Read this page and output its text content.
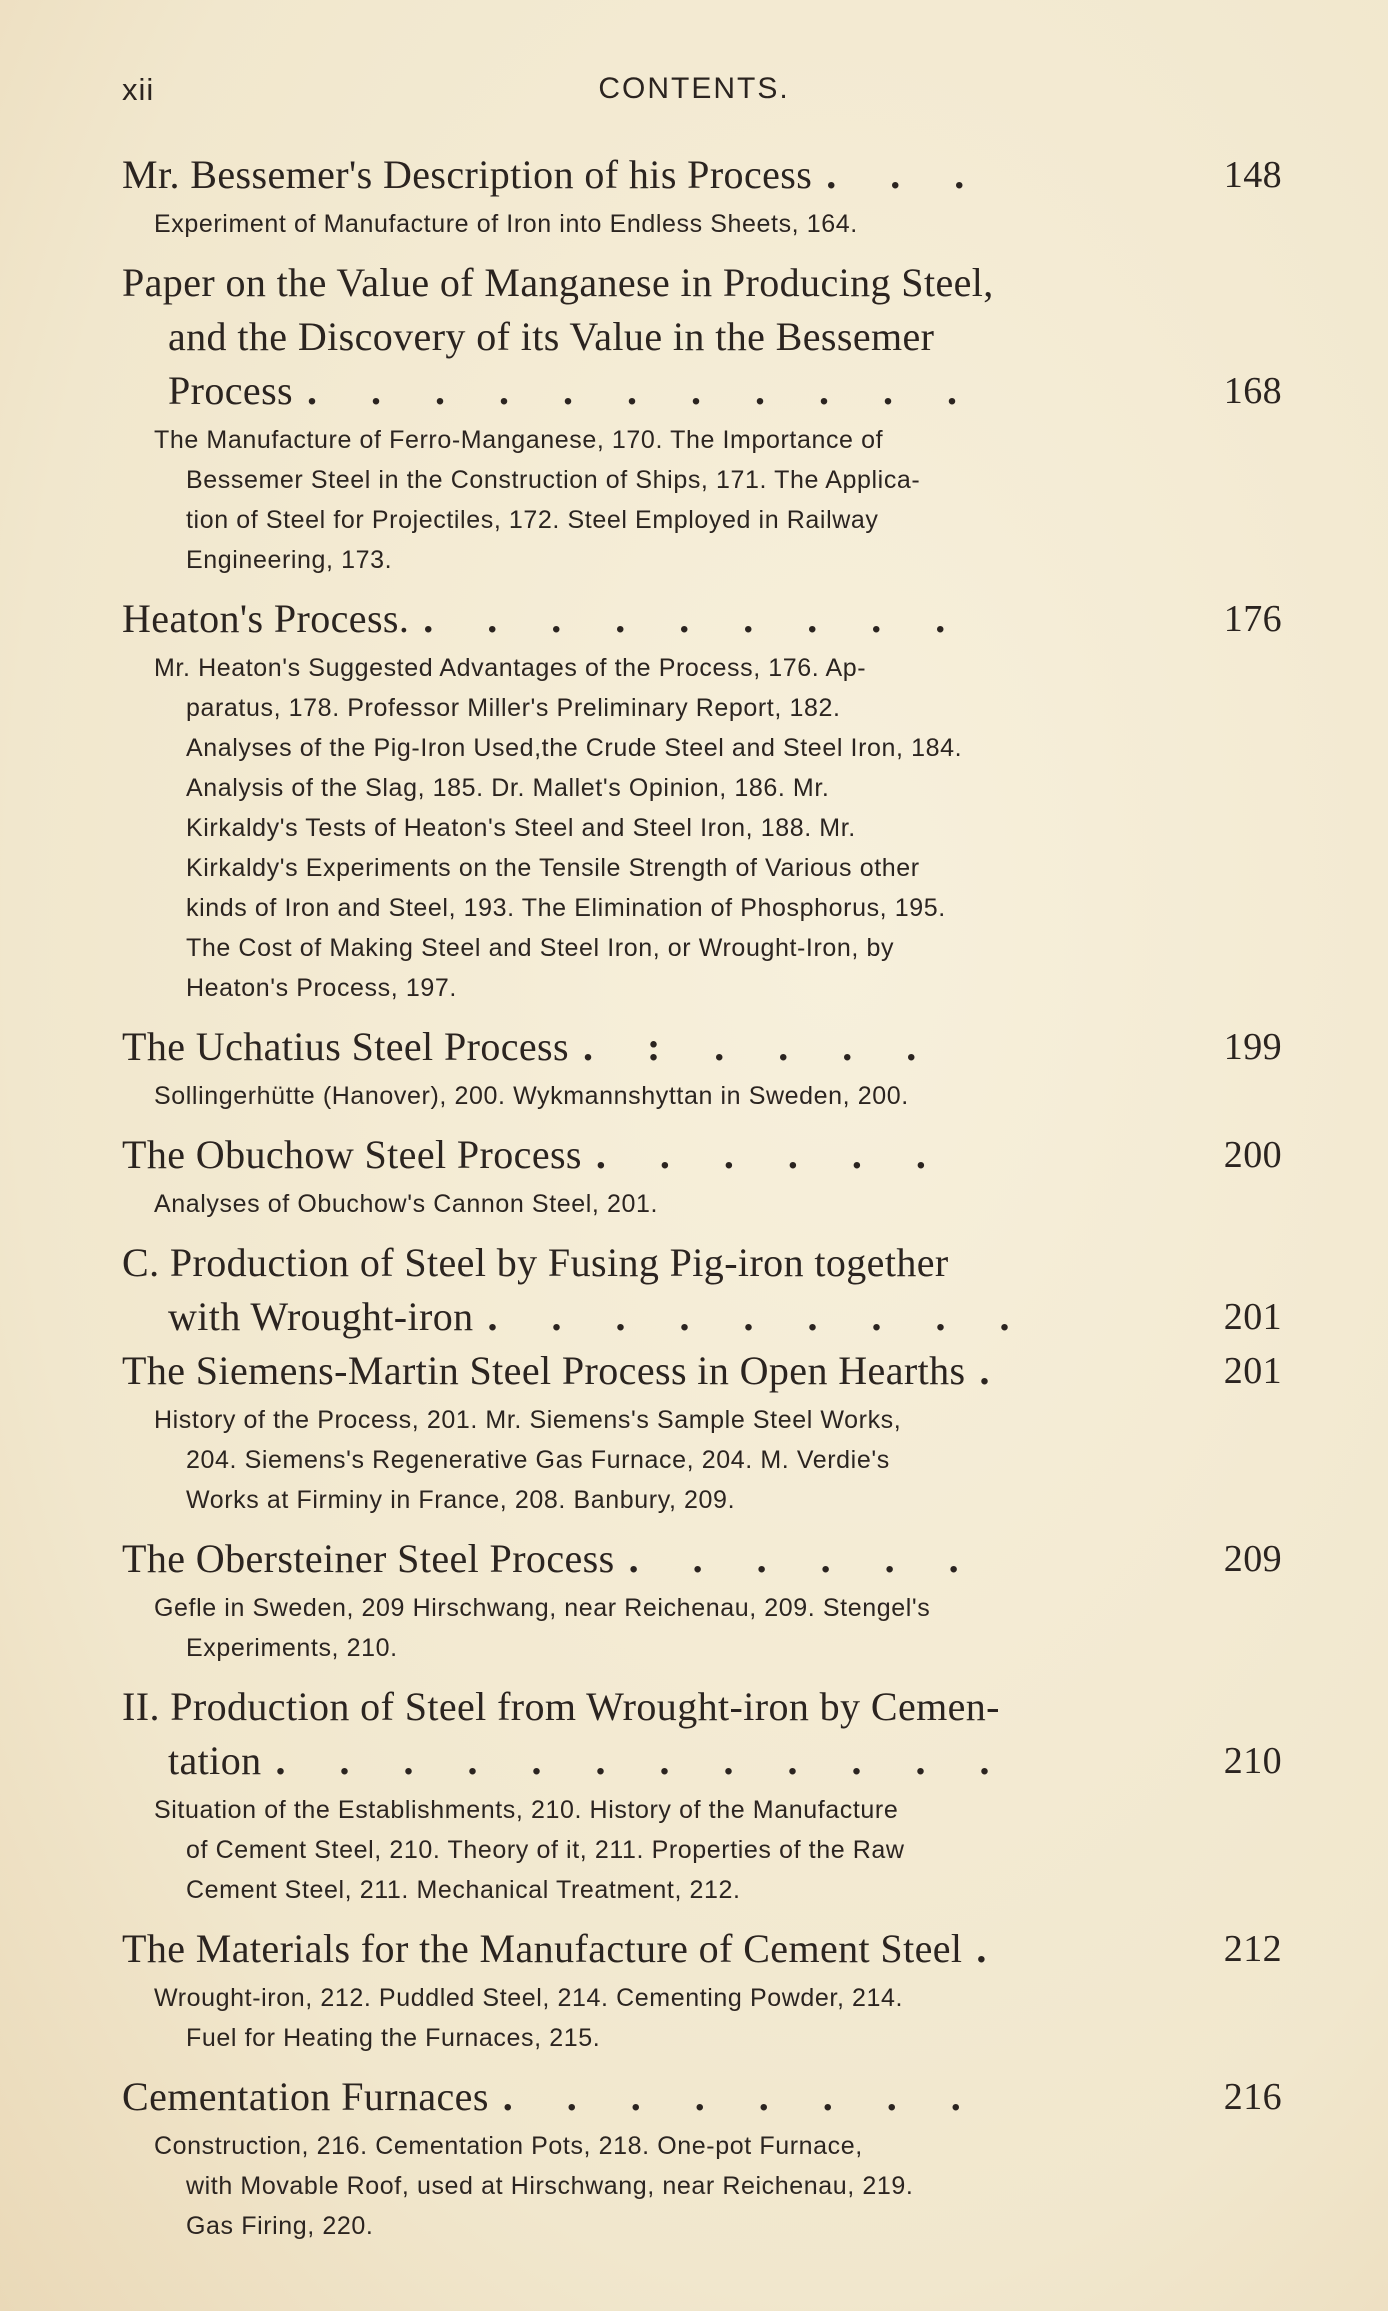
xii	CONTENTS.
Mr. Bessemer's Description of his Process . . .	148
Experiment of Manufacture of Iron into Endless Sheets, 164.
Paper on the Value of Manganese in Producing Steel,
and the Discovery of its Value in the Bessemer
Process . . . . . . . . . . .	168
The Manufacture of Ferro-Manganese, 170. The Importance of
Bessemer Steel in the Construction of Ships, 171. The Applica-
tion of Steel for Projectiles, 172. Steel Employed in Railway
Engineering, 173.
Heaton's Process. . . . . . . . . .	176
Mr. Heaton's Suggested Advantages of the Process, 176. Ap-
paratus, 178. Professor Miller's Preliminary Report, 182.
Analyses of the Pig-Iron Used,the Crude Steel and Steel Iron, 184.
Analysis of the Slag, 185. Dr. Mallet's Opinion, 186. Mr.
Kirkaldy's Tests of Heaton's Steel and Steel Iron, 188. Mr.
Kirkaldy's Experiments on the Tensile Strength of Various other
kinds of Iron and Steel, 193. The Elimination of Phosphorus, 195.
The Cost of Making Steel and Steel Iron, or Wrought-Iron, by
Heaton's Process, 197.
The Uchatius Steel Process . : . . . .	199
Sollingerhütte (Hanover), 200. Wykmannshyttan in Sweden, 200.
The Obuchow Steel Process . . . . . .	200
Analyses of Obuchow's Cannon Steel, 201.
C. Production of Steel by Fusing Pig-iron together
with Wrought-iron . . . . . . . . .	201
The Siemens-Martin Steel Process in Open Hearths .	201
History of the Process, 201. Mr. Siemens's Sample Steel Works,
204. Siemens's Regenerative Gas Furnace, 204. M. Verdie's
Works at Firminy in France, 208. Banbury, 209.
The Obersteiner Steel Process . . . . . .	209
Gefle in Sweden, 209 Hirschwang, near Reichenau, 209. Stengel's
Experiments, 210.
II. Production of Steel from Wrought-iron by Cemen-
tation . . . . . . . . . . . .	210
Situation of the Establishments, 210. History of the Manufacture
of Cement Steel, 210. Theory of it, 211. Properties of the Raw
Cement Steel, 211. Mechanical Treatment, 212.
The Materials for the Manufacture of Cement Steel .	212
Wrought-iron, 212. Puddled Steel, 214. Cementing Powder, 214.
Fuel for Heating the Furnaces, 215.
Cementation Furnaces . . . . . . . .	216
Construction, 216. Cementation Pots, 218. One-pot Furnace,
with Movable Roof, used at Hirschwang, near Reichenau, 219.
Gas Firing, 220.
